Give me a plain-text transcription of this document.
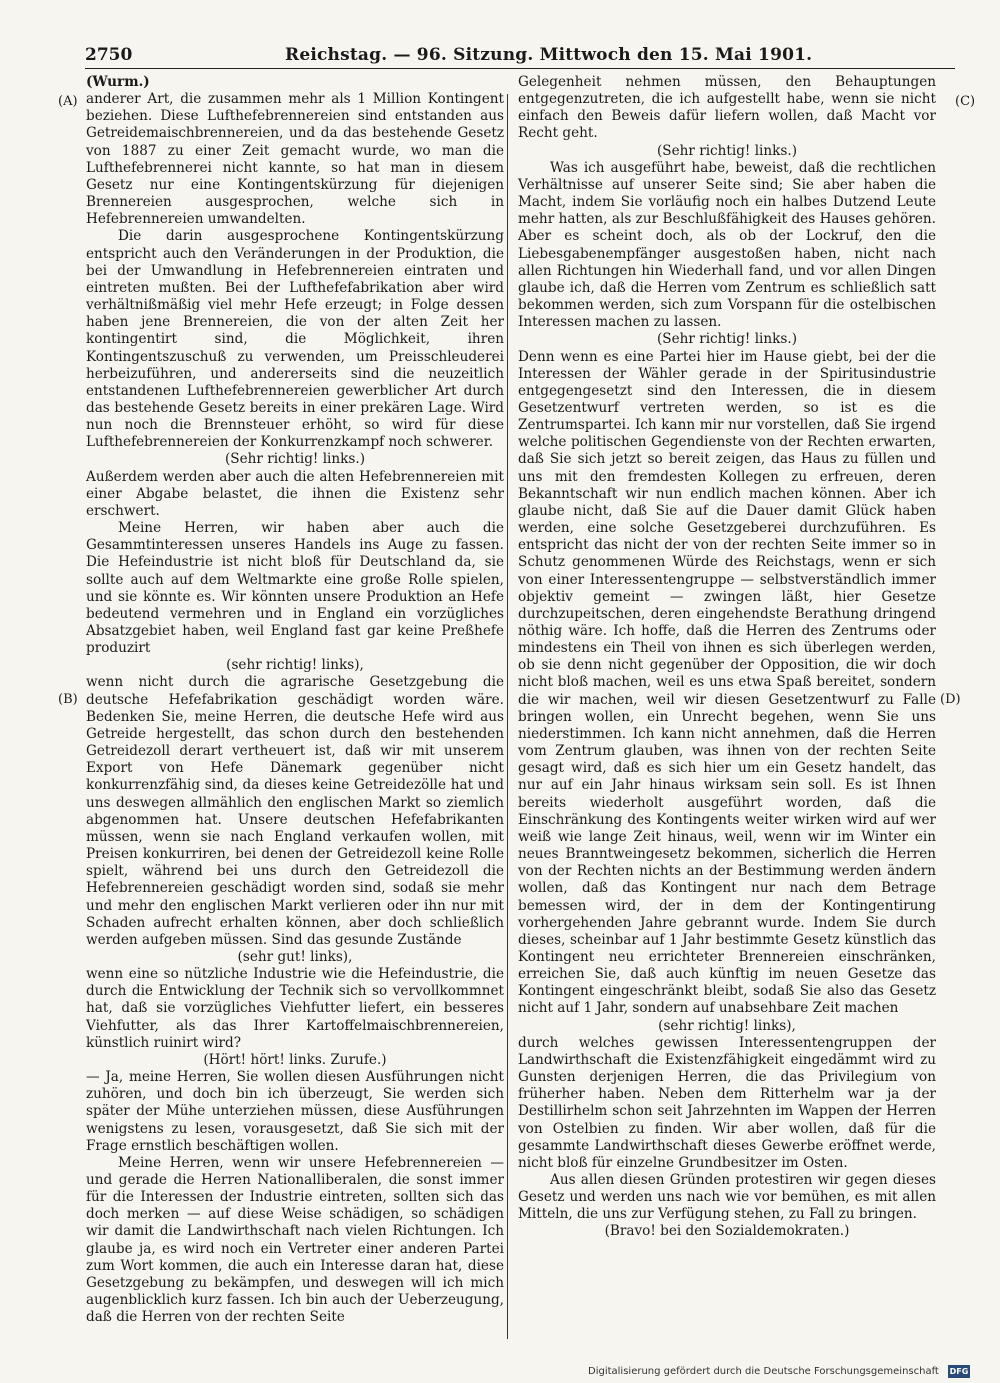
2750	Reichstag. — 96. Sitzung. Mittwoch den 15. Mai 1901.
(A)
(B)
(C)
(D)

(Wurm.)

anderer Art, die zusammen mehr als 1 Million Kontingent beziehen. Diese Lufthefebrennereien sind entstanden aus Getreidemaischbrennereien, und da das bestehende Gesetz von 1887 zu einer Zeit gemacht wurde, wo man die Lufthefebrennerei nicht kannte, so hat man in diesem Gesetz nur eine Kontingentskürzung für diejenigen Brennereien ausgesprochen, welche sich in Hefebrennereien umwandelten.

Die darin ausgesprochene Kontingentskürzung entspricht auch den Veränderungen in der Produktion, die bei der Umwandlung in Hefebrennereien eintraten und eintreten mußten. Bei der Lufthefefabrikation aber wird verhältnißmäßig viel mehr Hefe erzeugt; in Folge dessen haben jene Brennereien, die von der alten Zeit her kontingentirt sind, die Möglichkeit, ihren Kontingentszuschuß zu verwenden, um Preisschleuderei herbeizuführen, und andererseits sind die neuzeitlich entstandenen Lufthefebrennereien gewerblicher Art durch das bestehende Gesetz bereits in einer prekären Lage. Wird nun noch die Brennsteuer erhöht, so wird für diese Lufthefebrennereien der Konkurrenzkampf noch schwerer.

(Sehr richtig! links.)

Außerdem werden aber auch die alten Hefebrennereien mit einer Abgabe belastet, die ihnen die Existenz sehr erschwert.

Meine Herren, wir haben aber auch die Gesammtinteressen unseres Handels ins Auge zu fassen. Die Hefeindustrie ist nicht bloß für Deutschland da, sie sollte auch auf dem Weltmarkte eine große Rolle spielen, und sie könnte es. Wir könnten unsere Produktion an Hefe bedeutend vermehren und in England ein vorzügliches Absatzgebiet haben, weil England fast gar keine Preßhefe produzirt

(sehr richtig! links),

wenn nicht durch die agrarische Gesetzgebung die deutsche Hefefabrikation geschädigt worden wäre. Bedenken Sie, meine Herren, die deutsche Hefe wird aus Getreide hergestellt, das schon durch den bestehenden Getreidezoll derart vertheuert ist, daß wir mit unserem Export von Hefe Dänemark gegenüber nicht konkurrenzfähig sind, da dieses keine Getreidezölle hat und uns deswegen allmählich den englischen Markt so ziemlich abgenommen hat. Unsere deutschen Hefefabrikanten müssen, wenn sie nach England verkaufen wollen, mit Preisen konkurriren, bei denen der Getreidezoll keine Rolle spielt, während bei uns durch den Getreidezoll die Hefebrennereien geschädigt worden sind, sodaß sie mehr und mehr den englischen Markt verlieren oder ihn nur mit Schaden aufrecht erhalten können, aber doch schließlich werden aufgeben müssen. Sind das gesunde Zustände

(sehr gut! links),

wenn eine so nützliche Industrie wie die Hefeindustrie, die durch die Entwicklung der Technik sich so vervollkommnet hat, daß sie vorzügliches Viehfutter liefert, ein besseres Viehfutter, als das Ihrer Kartoffelmaischbrennereien, künstlich ruinirt wird?

(Hört! hört! links. Zurufe.)

— Ja, meine Herren, Sie wollen diesen Ausführungen nicht zuhören, und doch bin ich überzeugt, Sie werden sich später der Mühe unterziehen müssen, diese Ausführungen wenigstens zu lesen, vorausgesetzt, daß Sie sich mit der Frage ernstlich beschäftigen wollen.

Meine Herren, wenn wir unsere Hefebrennereien — und gerade die Herren Nationalliberalen, die sonst immer für die Interessen der Industrie eintreten, sollten sich das doch merken — auf diese Weise schädigen, so schädigen wir damit die Landwirthschaft nach vielen Richtungen. Ich glaube ja, es wird noch ein Vertreter einer anderen Partei zum Wort kommen, die auch ein Interesse daran hat, diese Gesetzgebung zu bekämpfen, und deswegen will ich mich augenblicklich kurz fassen. Ich bin auch der Ueberzeugung, daß die Herren von der rechten Seite

Gelegenheit nehmen müssen, den Behauptungen entgegenzutreten, die ich aufgestellt habe, wenn sie nicht einfach den Beweis dafür liefern wollen, daß Macht vor Recht geht.

(Sehr richtig! links.)

Was ich ausgeführt habe, beweist, daß die rechtlichen Verhältnisse auf unserer Seite sind; Sie aber haben die Macht, indem Sie vorläufig noch ein halbes Dutzend Leute mehr hatten, als zur Beschlußfähigkeit des Hauses gehören. Aber es scheint doch, als ob der Lockruf, den die Liebesgabenempfänger ausgestoßen haben, nicht nach allen Richtungen hin Wiederhall fand, und vor allen Dingen glaube ich, daß die Herren vom Zentrum es schließlich satt bekommen werden, sich zum Vorspann für die ostelbischen Interessen machen zu lassen.

(Sehr richtig! links.)

Denn wenn es eine Partei hier im Hause giebt, bei der die Interessen der Wähler gerade in der Spiritusindustrie entgegengesetzt sind den Interessen, die in diesem Gesetzentwurf vertreten werden, so ist es die Zentrumspartei. Ich kann mir nur vorstellen, daß Sie irgend welche politischen Gegendienste von der Rechten erwarten, daß Sie sich jetzt so bereit zeigen, das Haus zu füllen und uns mit den fremdesten Kollegen zu erfreuen, deren Bekanntschaft wir nun endlich machen können. Aber ich glaube nicht, daß Sie auf die Dauer damit Glück haben werden, eine solche Gesetzgeberei durchzuführen. Es entspricht das nicht der von der rechten Seite immer so in Schutz genommenen Würde des Reichstags, wenn er sich von einer Interessentengruppe — selbstverständlich immer objektiv gemeint — zwingen läßt, hier Gesetze durchzupeitschen, deren eingehendste Berathung dringend nöthig wäre. Ich hoffe, daß die Herren des Zentrums oder mindestens ein Theil von ihnen es sich überlegen werden, ob sie denn nicht gegenüber der Opposition, die wir doch nicht bloß machen, weil es uns etwa Spaß bereitet, sondern die wir machen, weil wir diesen Gesetzentwurf zu Falle bringen wollen, ein Unrecht begehen, wenn Sie uns niederstimmen. Ich kann nicht annehmen, daß die Herren vom Zentrum glauben, was ihnen von der rechten Seite gesagt wird, daß es sich hier um ein Gesetz handelt, das nur auf ein Jahr hinaus wirksam sein soll. Es ist Ihnen bereits wiederholt ausgeführt worden, daß die Einschränkung des Kontingents weiter wirken wird auf wer weiß wie lange Zeit hinaus, weil, wenn wir im Winter ein neues Branntweingesetz bekommen, sicherlich die Herren von der Rechten nichts an der Bestimmung werden ändern wollen, daß das Kontingent nur nach dem Betrage bemessen wird, der in dem der Kontingentirung vorhergehenden Jahre gebrannt wurde. Indem Sie durch dieses, scheinbar auf 1 Jahr bestimmte Gesetz künstlich das Kontingent neu errichteter Brennereien einschränken, erreichen Sie, daß auch künftig im neuen Gesetze das Kontingent eingeschränkt bleibt, sodaß Sie also das Gesetz nicht auf 1 Jahr, sondern auf unabsehbare Zeit machen

(sehr richtig! links),

durch welches gewissen Interessentengruppen der Landwirthschaft die Existenzfähigkeit eingedämmt wird zu Gunsten derjenigen Herren, die das Privilegium von früherher haben. Neben dem Ritterhelm war ja der Destillirhelm schon seit Jahrzehnten im Wappen der Herren von Ostelbien zu finden. Wir aber wollen, daß für die gesammte Landwirthschaft dieses Gewerbe eröffnet werde, nicht bloß für einzelne Grundbesitzer im Osten.

Aus allen diesen Gründen protestiren wir gegen dieses Gesetz und werden uns nach wie vor bemühen, es mit allen Mitteln, die uns zur Verfügung stehen, zu Fall zu bringen.

(Bravo! bei den Sozialdemokraten.)

Digitalisierung gefördert durch die Deutsche Forschungsgemeinschaft DFG
